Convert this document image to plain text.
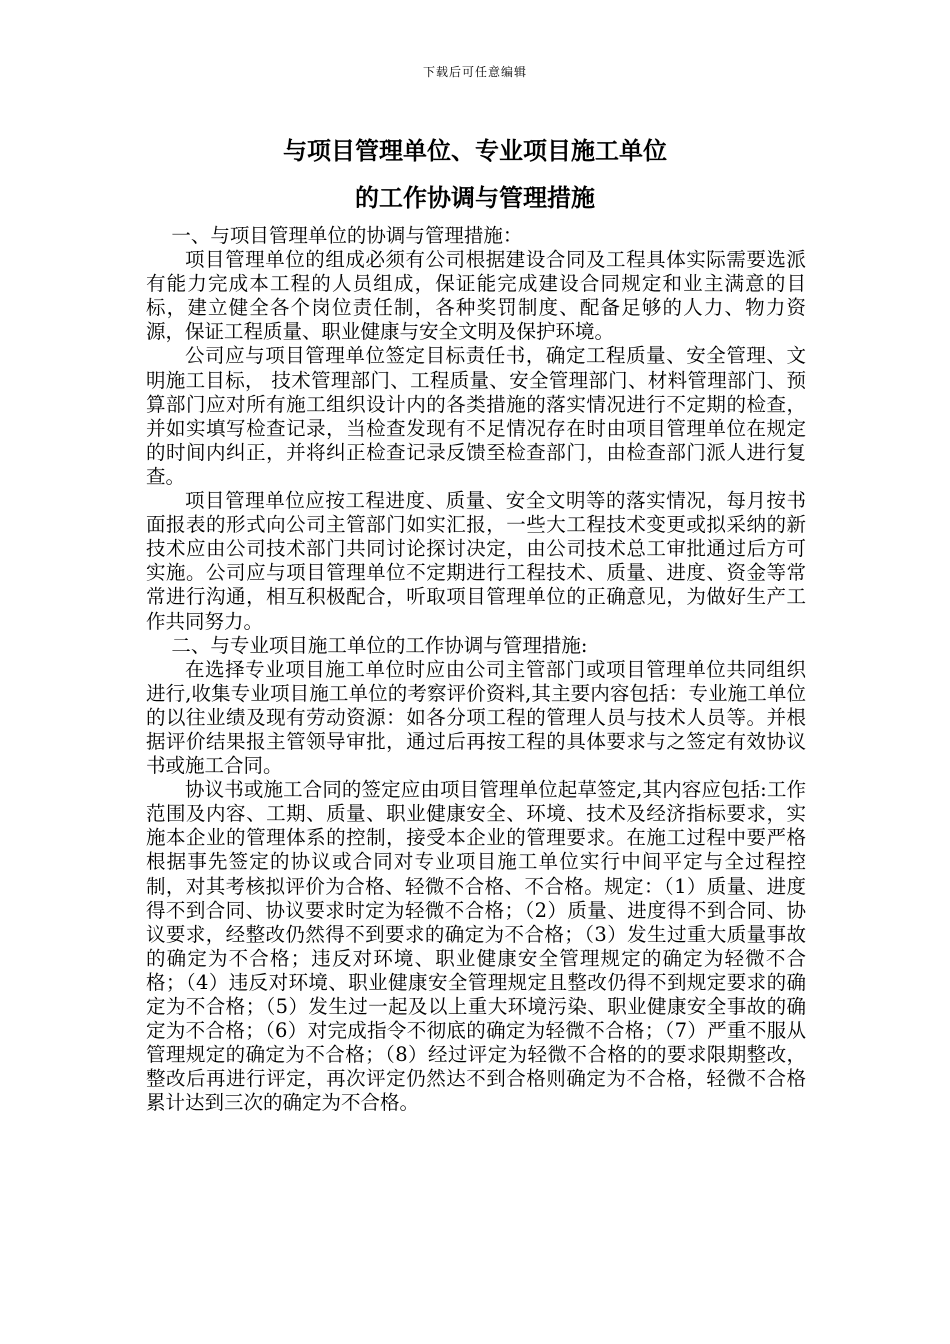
下载后可任意编辑
与项目管理单位、专业项目施工单位
的工作协调与管理措施

一、与项目管理单位的协调与管理措施：

项目管理单位的组成必须有公司根据建设合同及工程具体实际需要选派有能力完成本工程的人员组成，保证能完成建设合同规定和业主满意的目标，建立健全各个岗位责任制，各种奖罚制度、配备足够的人力、物力资源，保证工程质量、职业健康与安全文明及保护环境。

公司应与项目管理单位签定目标责任书，确定工程质量、安全管理、文明施工目标， 技术管理部门、工程质量、安全管理部门、材料管理部门、预算部门应对所有施工组织设计内的各类措施的落实情况进行不定期的检查，并如实填写检查记录，当检查发现有不足情况存在时由项目管理单位在规定的时间内纠正，并将纠正检查记录反馈至检查部门，由检查部门派人进行复查。

项目管理单位应按工程进度、质量、安全文明等的落实情况，每月按书面报表的形式向公司主管部门如实汇报，一些大工程技术变更或拟采纳的新技术应由公司技术部门共同讨论探讨决定，由公司技术总工审批通过后方可实施。公司应与项目管理单位不定期进行工程技术、质量、进度、资金等常常进行沟通，相互积极配合，听取项目管理单位的正确意见，为做好生产工作共同努力。

二、与专业项目施工单位的工作协调与管理措施:

在选择专业项目施工单位时应由公司主管部门或项目管理单位共同组织进行,收集专业项目施工单位的考察评价资料,其主要内容包括：专业施工单位的以往业绩及现有劳动资源：如各分项工程的管理人员与技术人员等。并根据评价结果报主管领导审批，通过后再按工程的具体要求与之签定有效协议书或施工合同。

协议书或施工合同的签定应由项目管理单位起草签定,其内容应包括:工作范围及内容、工期、质量、职业健康安全、环境、技术及经济指标要求，实施本企业的管理体系的控制，接受本企业的管理要求。在施工过程中要严格根据事先签定的协议或合同对专业项目施工单位实行中间平定与全过程控制，对其考核拟评价为合格、轻微不合格、不合格。规定：（1）质量、进度得不到合同、协议要求时定为轻微不合格；（2）质量、进度得不到合同、协议要求，经整改仍然得不到要求的确定为不合格；（3）发生过重大质量事故的确定为不合格；违反对环境、职业健康安全管理规定的确定为轻微不合格；（4）违反对环境、职业健康安全管理规定且整改仍得不到规定要求的确定为不合格；（5）发生过一起及以上重大环境污染、职业健康安全事故的确定为不合格；（6）对完成指令不彻底的确定为轻微不合格；（7）严重不服从管理规定的确定为不合格；（8）经过评定为轻微不合格的的要求限期整改，整改后再进行评定，再次评定仍然达不到合格则确定为不合格，轻微不合格累计达到三次的确定为不合格。
